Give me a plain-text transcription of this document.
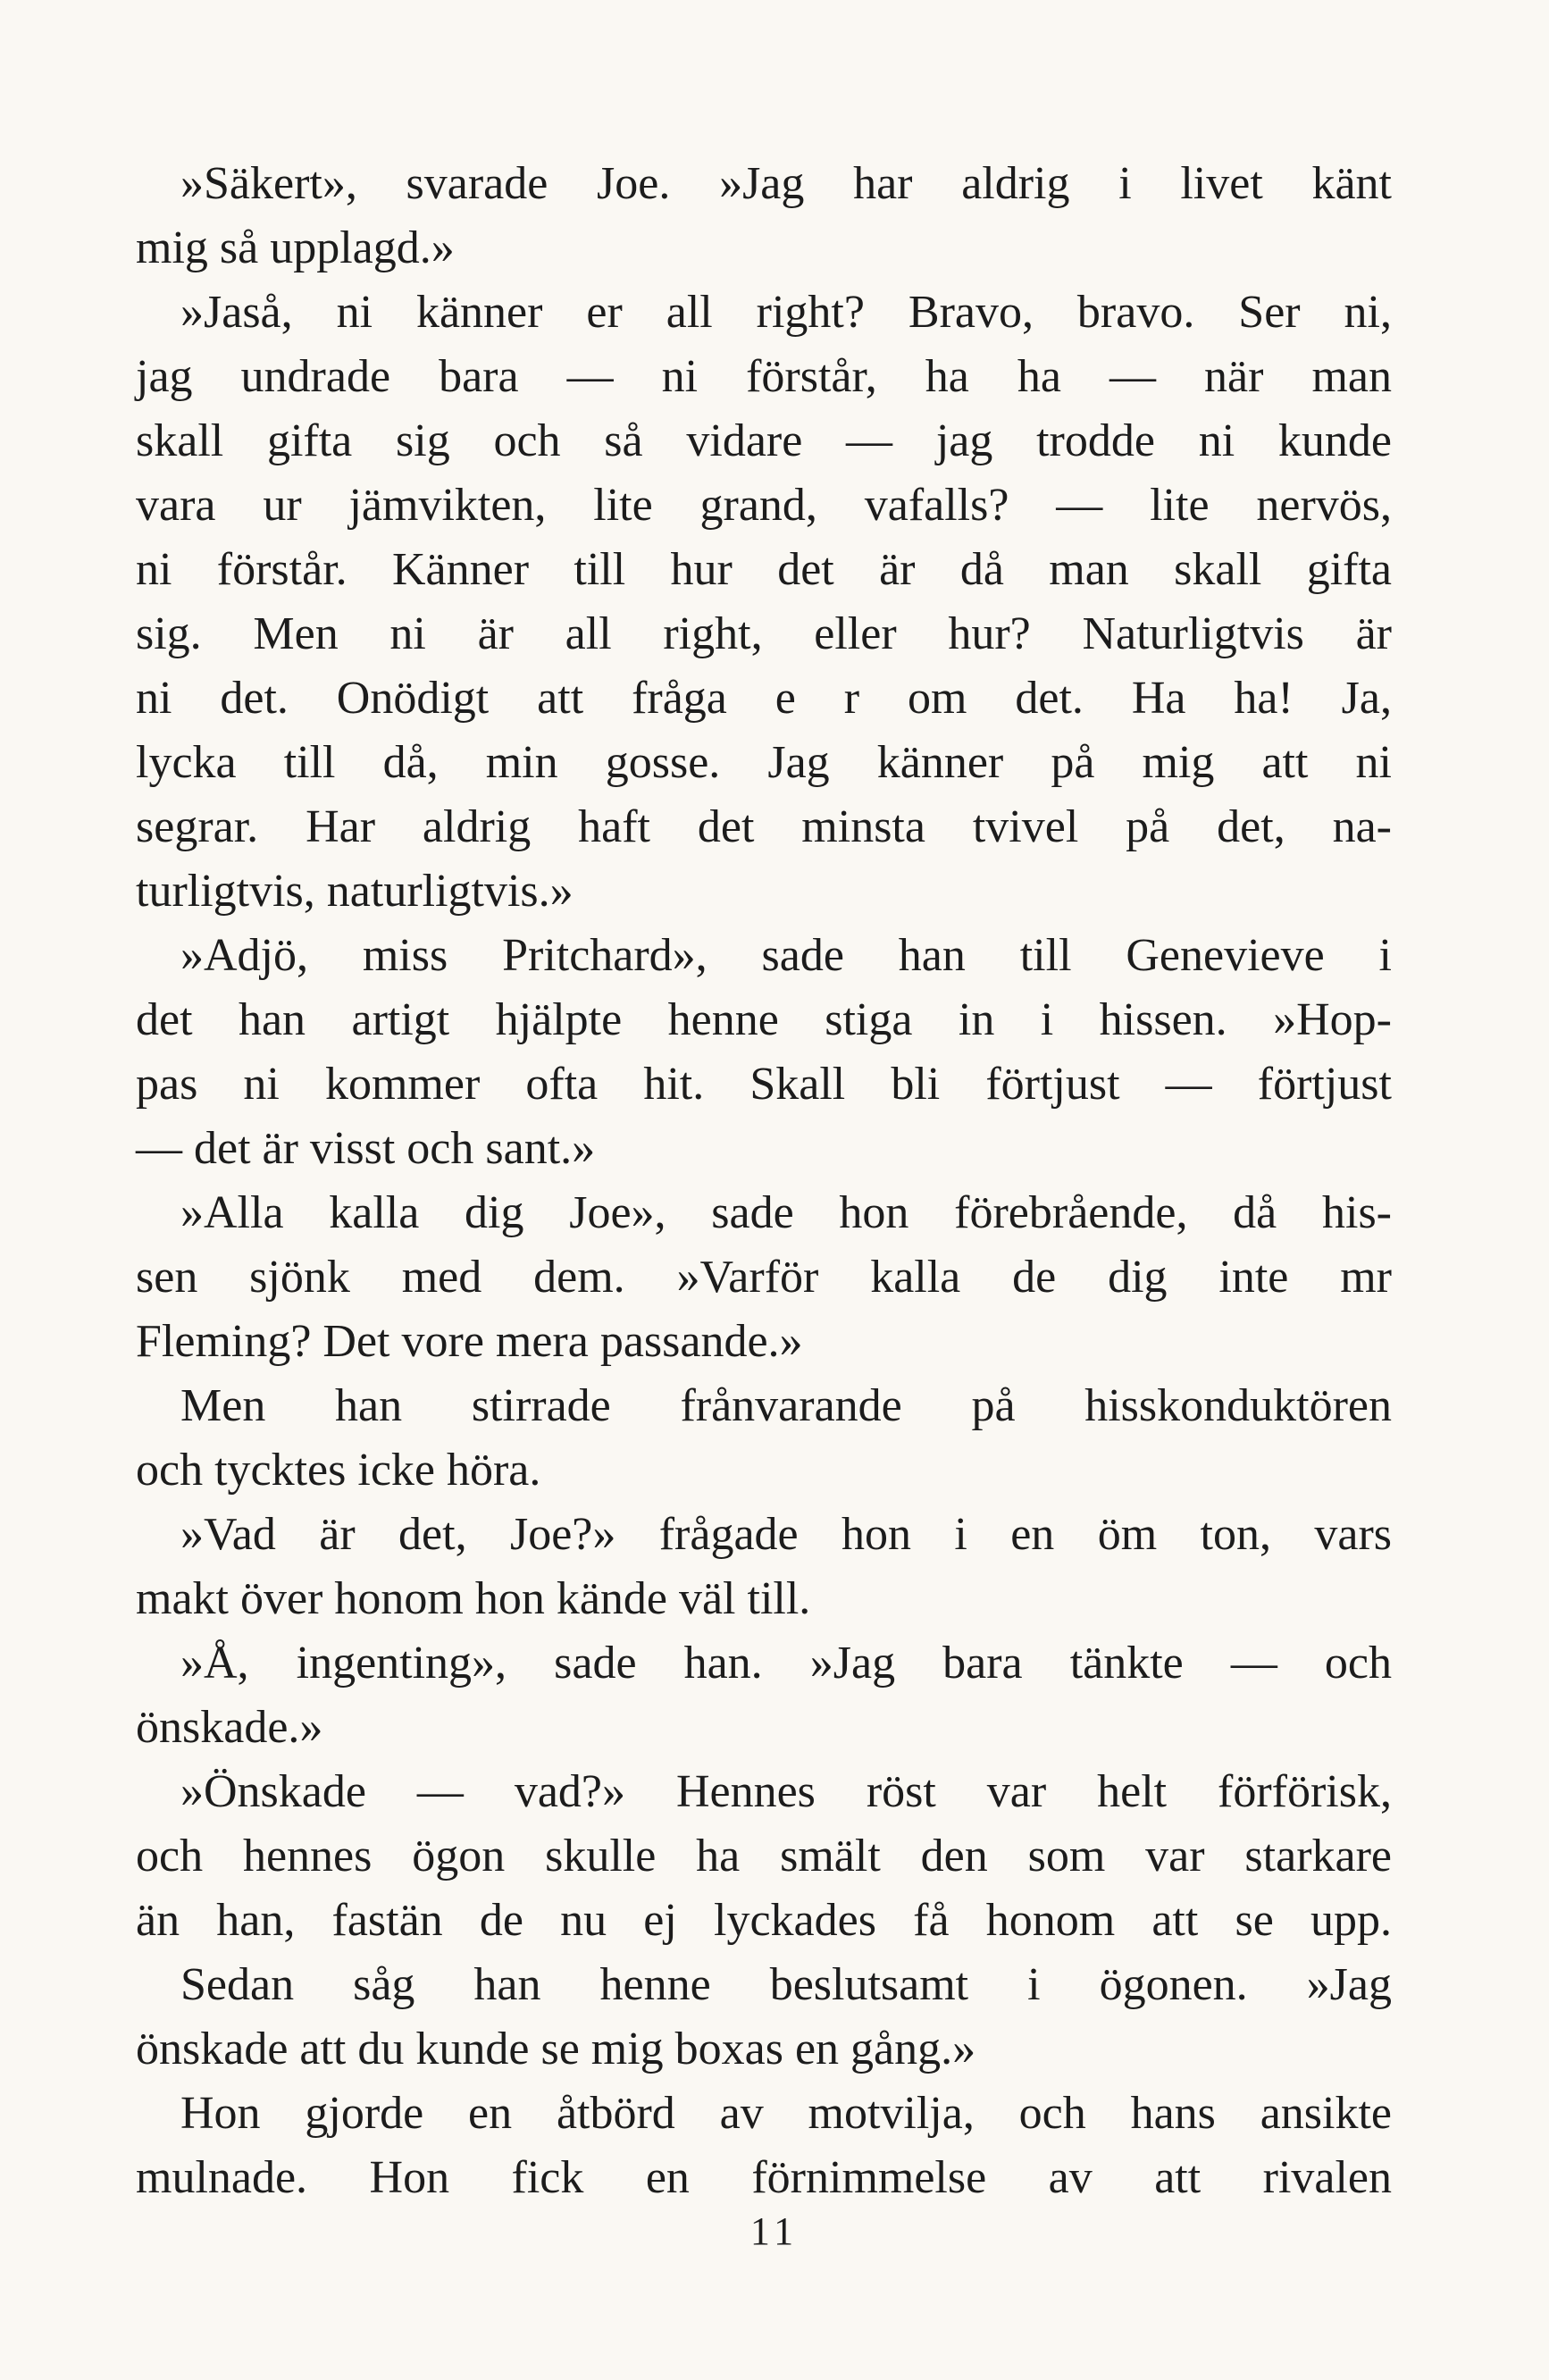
»Säkert», svarade Joe. »Jag har aldrig i livet känt
mig så upplagd.»
»Jaså, ni känner er all right? Bravo, bravo. Ser ni,
jag undrade bara — ni förstår, ha ha — när man
skall gifta sig och så vidare — jag trodde ni kunde
vara ur jämvikten, lite grand, vafalls? — lite nervös,
ni förstår. Känner till hur det är då man skall gifta
sig. Men ni är all right, eller hur? Naturligtvis är
ni det. Onödigt att fråga e r om det. Ha ha! Ja,
lycka till då, min gosse. Jag känner på mig att ni
segrar. Har aldrig haft det minsta tvivel på det, na-
turligtvis, naturligtvis.»
»Adjö, miss Pritchard», sade han till Genevieve i
det han artigt hjälpte henne stiga in i hissen. »Hop-
pas ni kommer ofta hit. Skall bli förtjust — förtjust
— det är visst och sant.»
»Alla kalla dig Joe», sade hon förebrående, då his-
sen sjönk med dem. »Varför kalla de dig inte mr
Fleming? Det vore mera passande.»
Men han stirrade frånvarande på hisskonduktören
och tycktes icke höra.
»Vad är det, Joe?» frågade hon i en öm ton, vars
makt över honom hon kände väl till.
»Å, ingenting», sade han. »Jag bara tänkte — och
önskade.»
»Önskade — vad?» Hennes röst var helt förförisk,
och hennes ögon skulle ha smält den som var starkare
än han, fastän de nu ej lyckades få honom att se upp.
Sedan såg han henne beslutsamt i ögonen. »Jag
önskade att du kunde se mig boxas en gång.»
Hon gjorde en åtbörd av motvilja, och hans ansikte
mulnade. Hon fick en förnimmelse av att rivalen
11
